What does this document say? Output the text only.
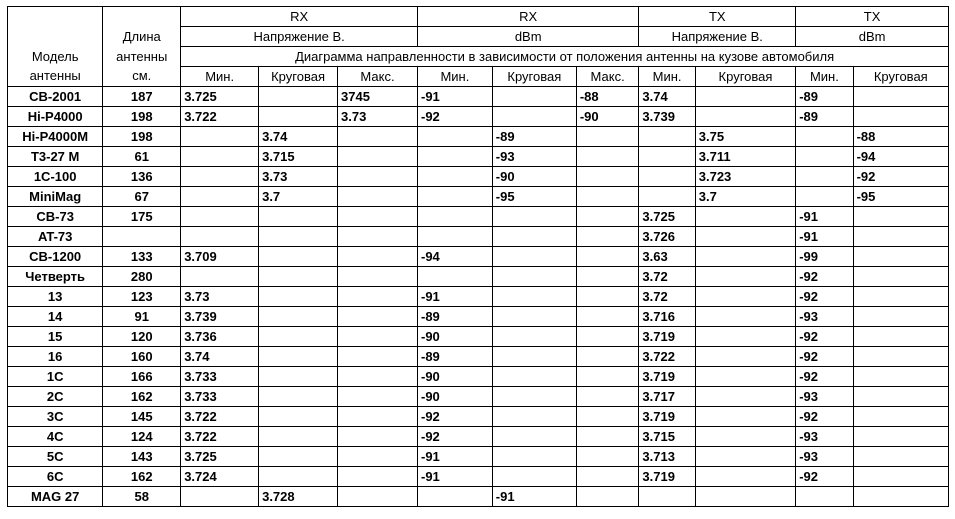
		RX			RX			TX		TX	
	Длина	Напряжение В.			dBm			Напряжение В.		dBm	
Модель	антенны	Диаграмма направленности в зависимости от положения антенны на кузове автомобиля									
антенны	см.	Мин.	Круговая	Макс.	Мин.	Круговая	Макс.	Мин.	Круговая	Мин.	Круговая
CB-2001	187	3.725		3745	-91		-88	3.74		-89	
Hi-P4000	198	3.722		3.73	-92		-90	3.739		-89	
Hi-P4000M	198		3.74			-89			3.75		-88
T3-27 M	61		3.715			-93			3.711		-94
1C-100	136		3.73			-90			3.723		-92
MiniMag	67		3.7			-95			3.7		-95
CB-73	175							3.725		-91	
AT-73								3.726		-91	
CB-1200	133	3.709			-94			3.63		-99	
Четверть	280							3.72		-92	
13	123	3.73			-91			3.72		-92	
14	91	3.739			-89			3.716		-93	
15	120	3.736			-90			3.719		-92	
16	160	3.74			-89			3.722		-92	
1C	166	3.733			-90			3.719		-92	
2C	162	3.733			-90			3.717		-93	
3C	145	3.722			-92			3.719		-92	
4C	124	3.722			-92			3.715		-93	
5C	143	3.725			-91			3.713		-93	
6C	162	3.724			-91			3.719		-92	
MAG 27	58		3.728			-91					
